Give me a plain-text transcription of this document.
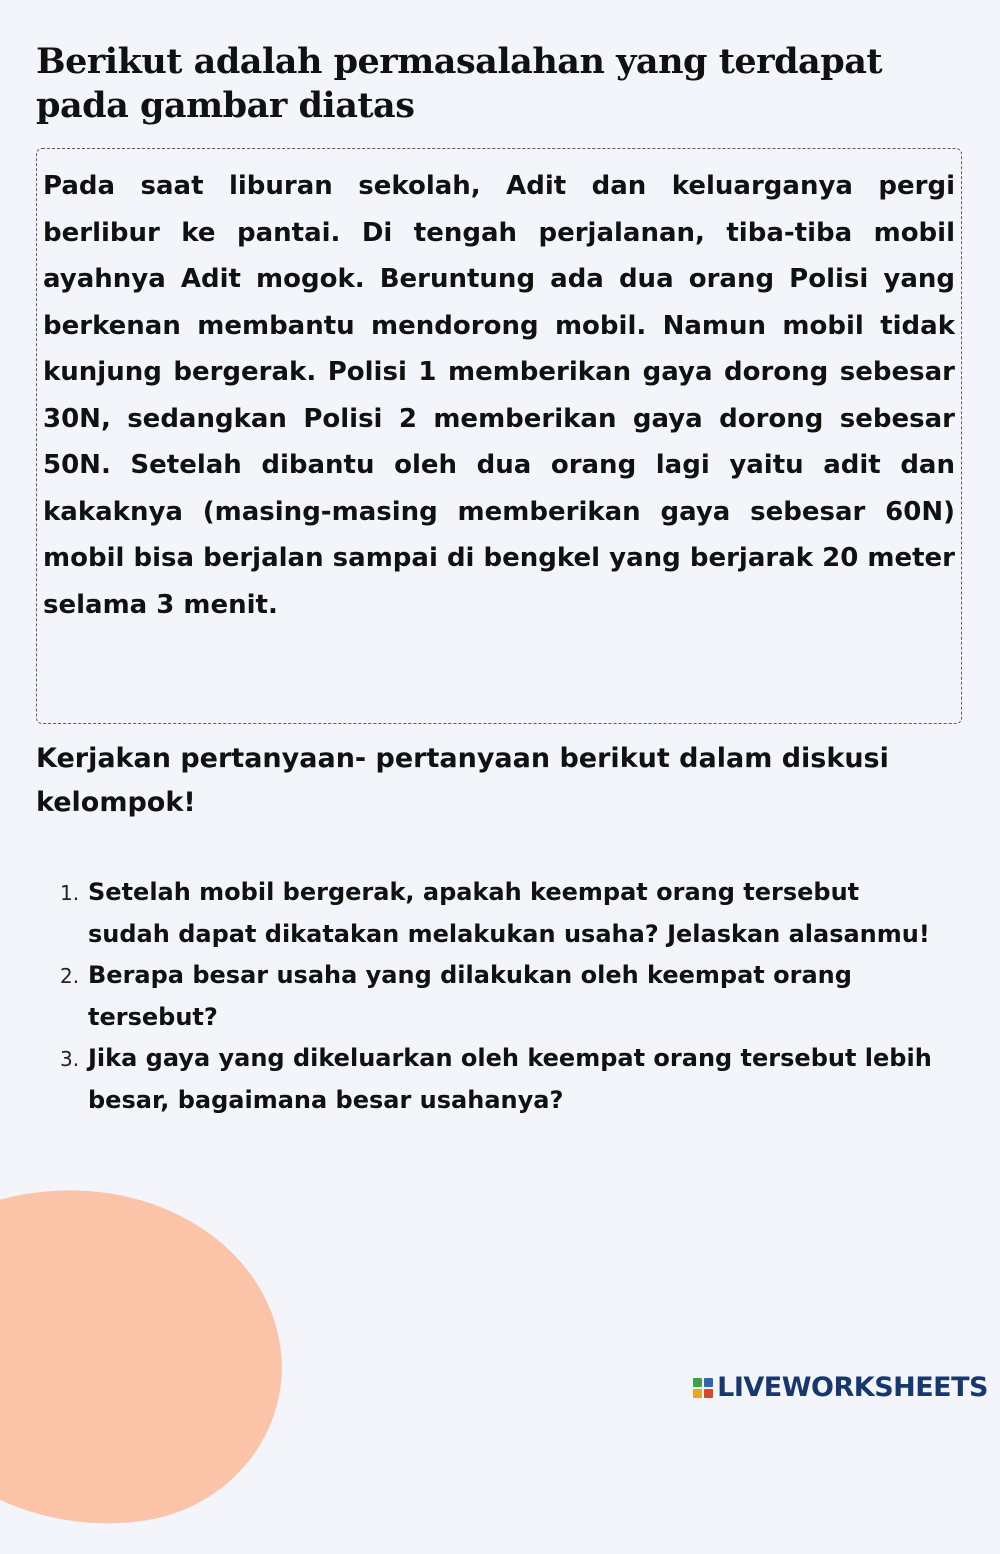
Berikut adalah permasalahan yang terdapat pada gambar diatas

Pada saat liburan sekolah, Adit dan keluarganya pergi berlibur ke pantai. Di tengah perjalanan, tiba-tiba mobil ayahnya Adit mogok. Beruntung ada dua orang Polisi yang berkenan membantu mendorong mobil. Namun mobil tidak kunjung bergerak. Polisi 1 memberikan gaya dorong sebesar 30N, sedangkan Polisi 2 memberikan gaya dorong sebesar 50N. Setelah dibantu oleh dua orang lagi yaitu adit dan kakaknya (masing-masing memberikan gaya sebesar 60N) mobil bisa berjalan sampai di bengkel yang berjarak 20 meter selama 3 menit.

Kerjakan pertanyaan- pertanyaan berikut dalam diskusi kelompok!

1. Setelah mobil bergerak, apakah keempat orang tersebut sudah dapat dikatakan melakukan usaha? Jelaskan alasanmu!
2. Berapa besar usaha yang dilakukan oleh keempat orang tersebut?
3. Jika gaya yang dikeluarkan oleh keempat orang tersebut lebih besar, bagaimana besar usahanya?
LIVEWORKSHEETS
